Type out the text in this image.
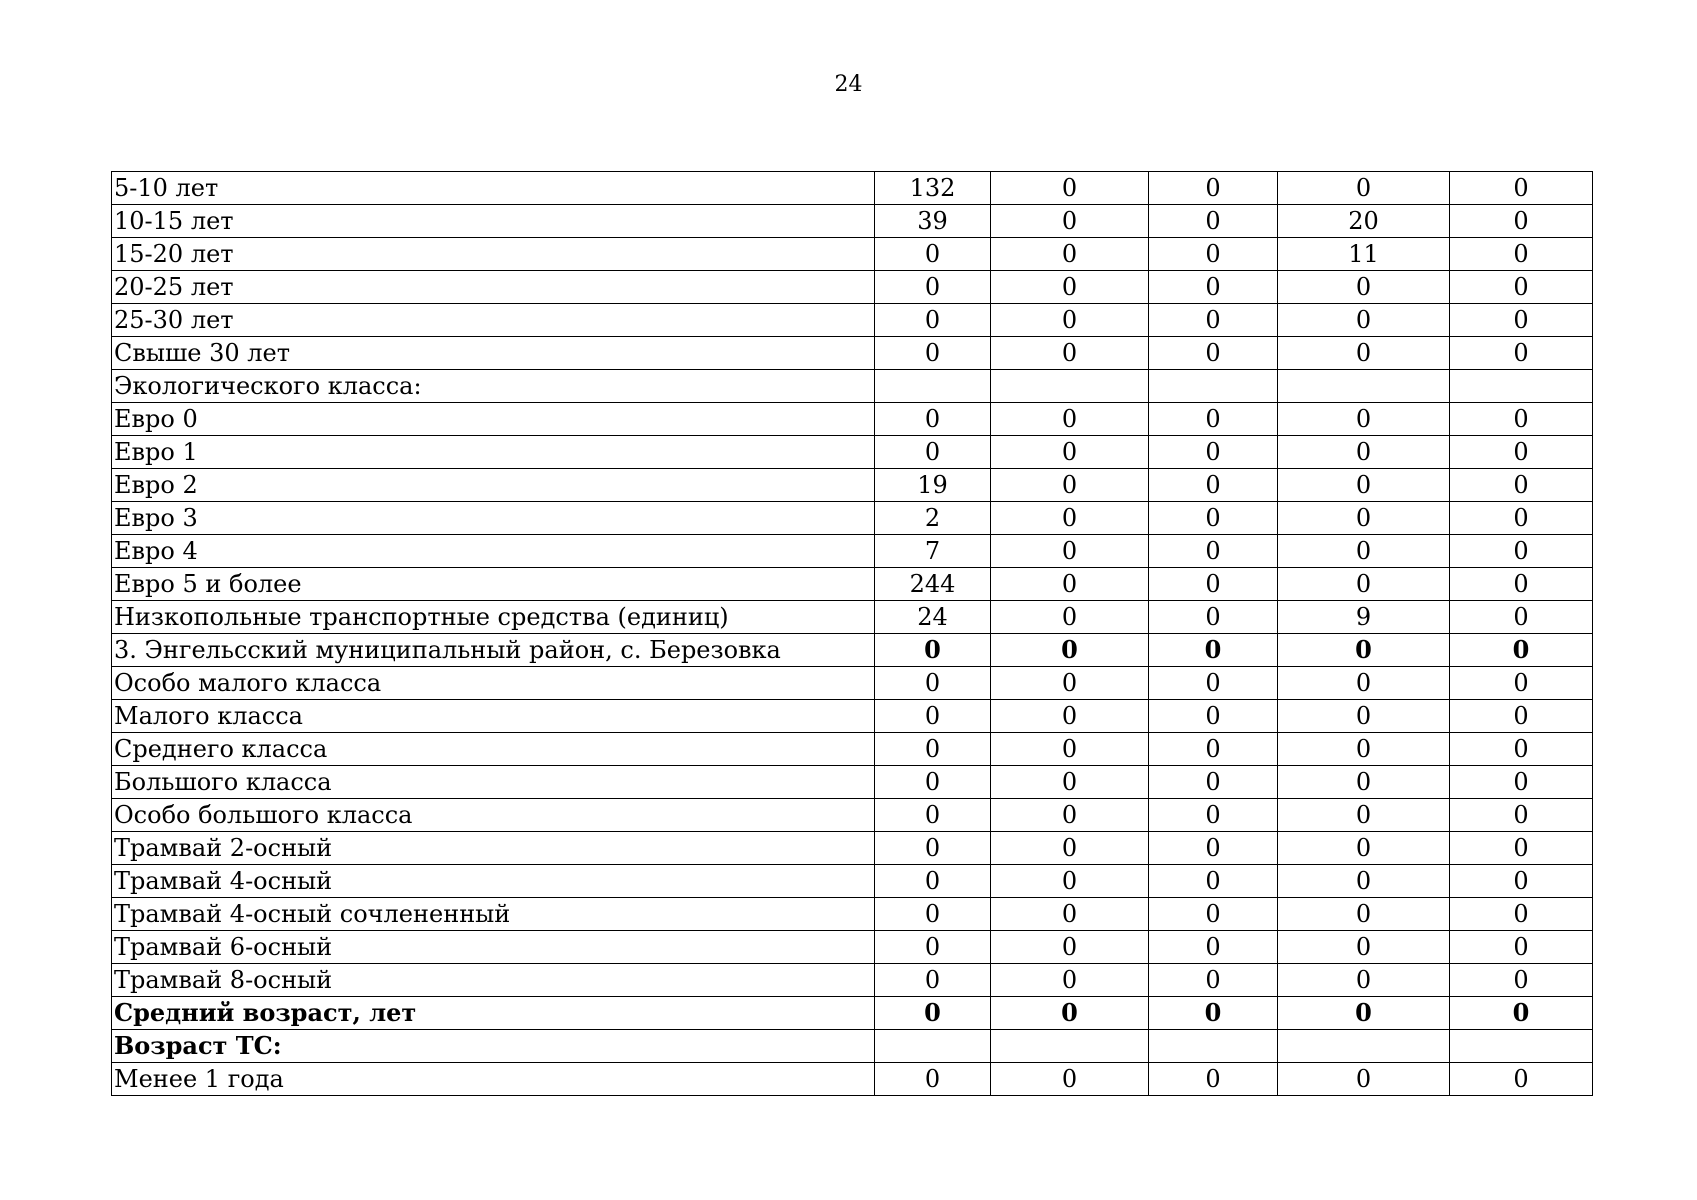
24
5-10 лет	132	0	0	0	0
10-15 лет	39	0	0	20	0
15-20 лет	0	0	0	11	0
20-25 лет	0	0	0	0	0
25-30 лет	0	0	0	0	0
Свыше 30 лет	0	0	0	0	0
Экологического класса:					
Евро 0	0	0	0	0	0
Евро 1	0	0	0	0	0
Евро 2	19	0	0	0	0
Евро 3	2	0	0	0	0
Евро 4	7	0	0	0	0
Евро 5 и более	244	0	0	0	0
Низкопольные транспортные средства (единиц)	24	0	0	9	0
3. Энгельсский муниципальный район, с. Березовка	0	0	0	0	0
Особо малого класса	0	0	0	0	0
Малого класса	0	0	0	0	0
Среднего класса	0	0	0	0	0
Большого класса	0	0	0	0	0
Особо большого класса	0	0	0	0	0
Трамвай 2-осный	0	0	0	0	0
Трамвай 4-осный	0	0	0	0	0
Трамвай 4-осный сочлененный	0	0	0	0	0
Трамвай 6-осный	0	0	0	0	0
Трамвай 8-осный	0	0	0	0	0
Средний возраст, лет	0	0	0	0	0
Возраст ТС:					
Менее 1 года	0	0	0	0	0
